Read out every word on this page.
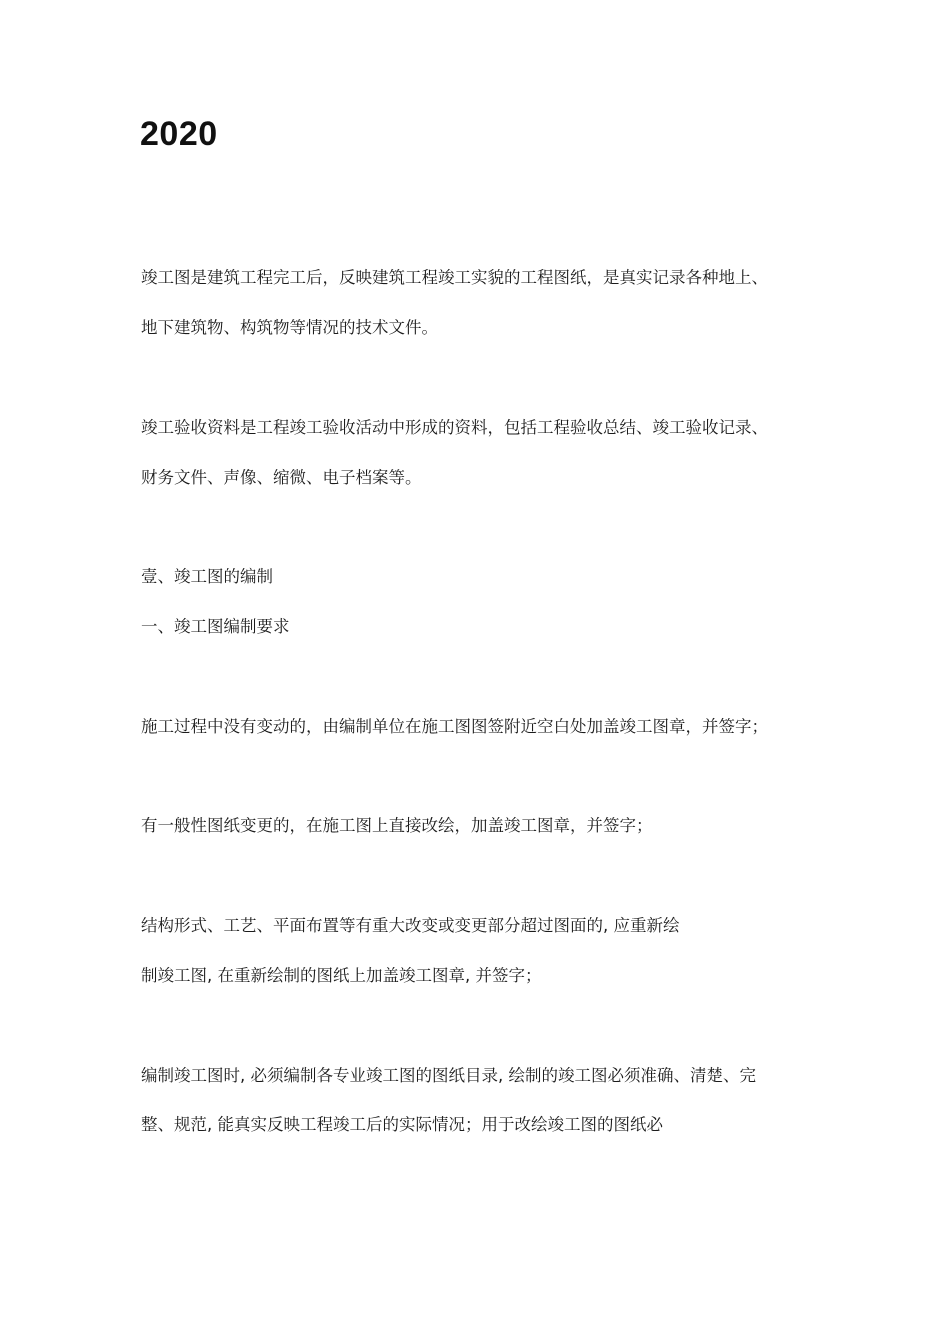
2020
竣工图是建筑工程完工后，反映建筑工程竣工实貌的工程图纸，是真实记录各种地上、
地下建筑物、构筑物等情况的技术文件。
竣工验收资料是工程竣工验收活动中形成的资料，包括工程验收总结、竣工验收记录、
财务文件、声像、缩微、电子档案等。
壹、竣工图的编制
一、竣工图编制要求
施工过程中没有变动的，由编制单位在施工图图签附近空白处加盖竣工图章，并签字；
有一般性图纸变更的，在施工图上直接改绘，加盖竣工图章，并签字；
结构形式、工艺、平面布置等有重大改变或变更部分超过图面的, 应重新绘
制竣工图, 在重新绘制的图纸上加盖竣工图章, 并签字；
编制竣工图时, 必须编制各专业竣工图的图纸目录, 绘制的竣工图必须准确、清楚、完
整、规范, 能真实反映工程竣工后的实际情况；用于改绘竣工图的图纸必
